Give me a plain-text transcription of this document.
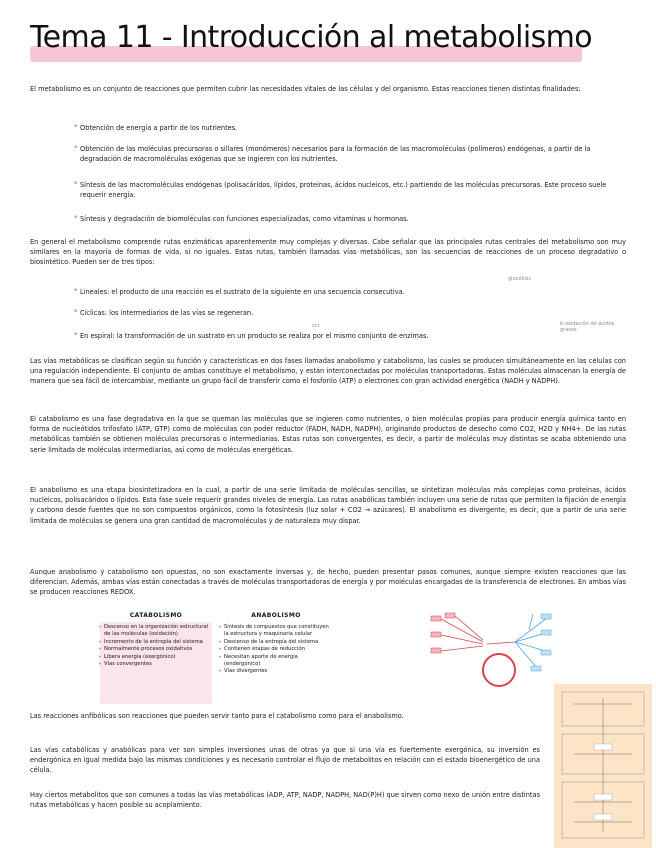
Tema 11 - Introducción al metabolismo
El metabolismo es un conjunto de reacciones que permiten cubrir las necesidades vitales de las células y del organismo. Estas reacciones tienen distintas finalidades:
• Obtención de energía a partir de los nutrientes.
• Obtención de las moléculas precursoras o sillares (monómeros) necesarios para la formación de las macromoléculas (polímeros) endógenas, a partir de la degradación de macromoléculas exógenas que se ingieren con los nutrientes.
• Síntesis de las macromoléculas endógenas (polisacáridos, lípidos, proteínas, ácidos nucleicos, etc.) partiendo de las moléculas precursoras. Este proceso suele requerir energía.
• Síntesis y degradación de biomoléculas con funciones especializadas, como vitaminas u hormonas.
En general el metabolismo comprende rutas enzimáticas aparentemente muy complejas y diversas. Cabe señalar que las principales rutas centrales del metabolismo son muy similares en la mayoría de formas de vida, si no iguales. Estas rutas, también llamadas vías metabólicas, son las secuencias de reacciones de un proceso degradativo o biosintético. Pueden ser de tres tipos:
glucólisis
• Lineales: el producto de una reacción es el sustrato de la siguiente en una secuencia consecutiva.
• Cíclicas: los intermediarios de las vías se regeneran.
ccr
• En espiral: la transformación de un sustrato en un producto se realiza por el mismo conjunto de enzimas.
b-oxidación de ácidos grasos
Las vías metabólicas se clasifican según su función y características en dos fases llamadas anabolismo y catabolismo, las cuales se producen simultáneamente en las células con una regulación independiente. El conjunto de ambas constituye el metabolismo, y están interconectadas por moléculas transportadoras. Estas moléculas almacenan la energía de manera que sea fácil de intercambiar, mediante un grupo fácil de transferir como el fosforilo (ATP) o electrones con gran actividad energética (NADH y NADPH).
El catabolismo es una fase degradativa en la que se queman las moléculas que se ingieren como nutrientes, o bien moléculas propias para producir energía química tanto en forma de nucleótidos trifosfato (ATP, GTP) como de moléculas con poder reductor (FADH, NADH, NADPH), originando productos de desecho como CO2, H2O y NH4+. De las rutas metabólicas también se obtienen moléculas precursoras o intermediarias. Estas rutas son convergentes, es decir, a partir de moléculas muy distintas se acaba obteniendo una serie limitada de moléculas intermediarias, así como de moléculas energéticas.
El anabolismo es una etapa biosintetizadora en la cual, a partir de una serie limitada de moléculas sencillas, se sintetizan moléculas más complejas como proteínas, ácidos nucleicos, polisacáridos o lípidos. Esta fase suele requerir grandes niveles de energía. Las rutas anabólicas también incluyen una serie de rutas que permiten la fijación de energía y carbono desde fuentes que no son compuestos orgánicos, como la fotosíntesis (luz solar + CO2 → azúcares). El anabolismo es divergente, es decir, que a partir de una serie limitada de moléculas se genera una gran cantidad de macromoléculas y de naturaleza muy dispar.
Aunque anabolismo y catabolismo son opuestas, no son exactamente inversas y, de hecho, pueden presentar pasos comunes, aunque siempre existen reacciones que las diferencian. Además, ambas vías están conectadas a través de moléculas transportadoras de energía y por moléculas encargadas de la transferencia de electrones. En ambas vías se producen reacciones REDOX.
CATABOLISMO
• Descenso en la organización estructural de las moléculas (oxidación)
• Incremento de la entropía del sistema
• Normalmente procesos oxidativos
• Libera energía (exergónico)
• Vías convergentes
ANABOLISMO
• Síntesis de compuestos que constituyen la estructura y maquinaria celular
• Descenso de la entropía del sistema
• Contienen etapas de reducción
• Necesitan aporte de energía (endergónico)
• Vías divergentes
Las reacciones anfibólicas son reacciones que pueden servir tanto para el catabolismo como para el anabolismo.
Las vías catabólicas y anabólicas para ver son simples inversiones unas de otras ya que si una vía es fuertemente exergónica, su inversión es endergónica en igual medida bajo las mismas condiciones y es necesario controlar el flujo de metabolitos en relación con el estado bioenergético de una célula.
Hay ciertos metabolitos que son comunes a todas las vías metabólicas (ADP, ATP, NADP, NADPH, NAD(P)H) que sirven como nexo de unión entre distintas rutas metabólicas y hacen posible su acoplamiento.
